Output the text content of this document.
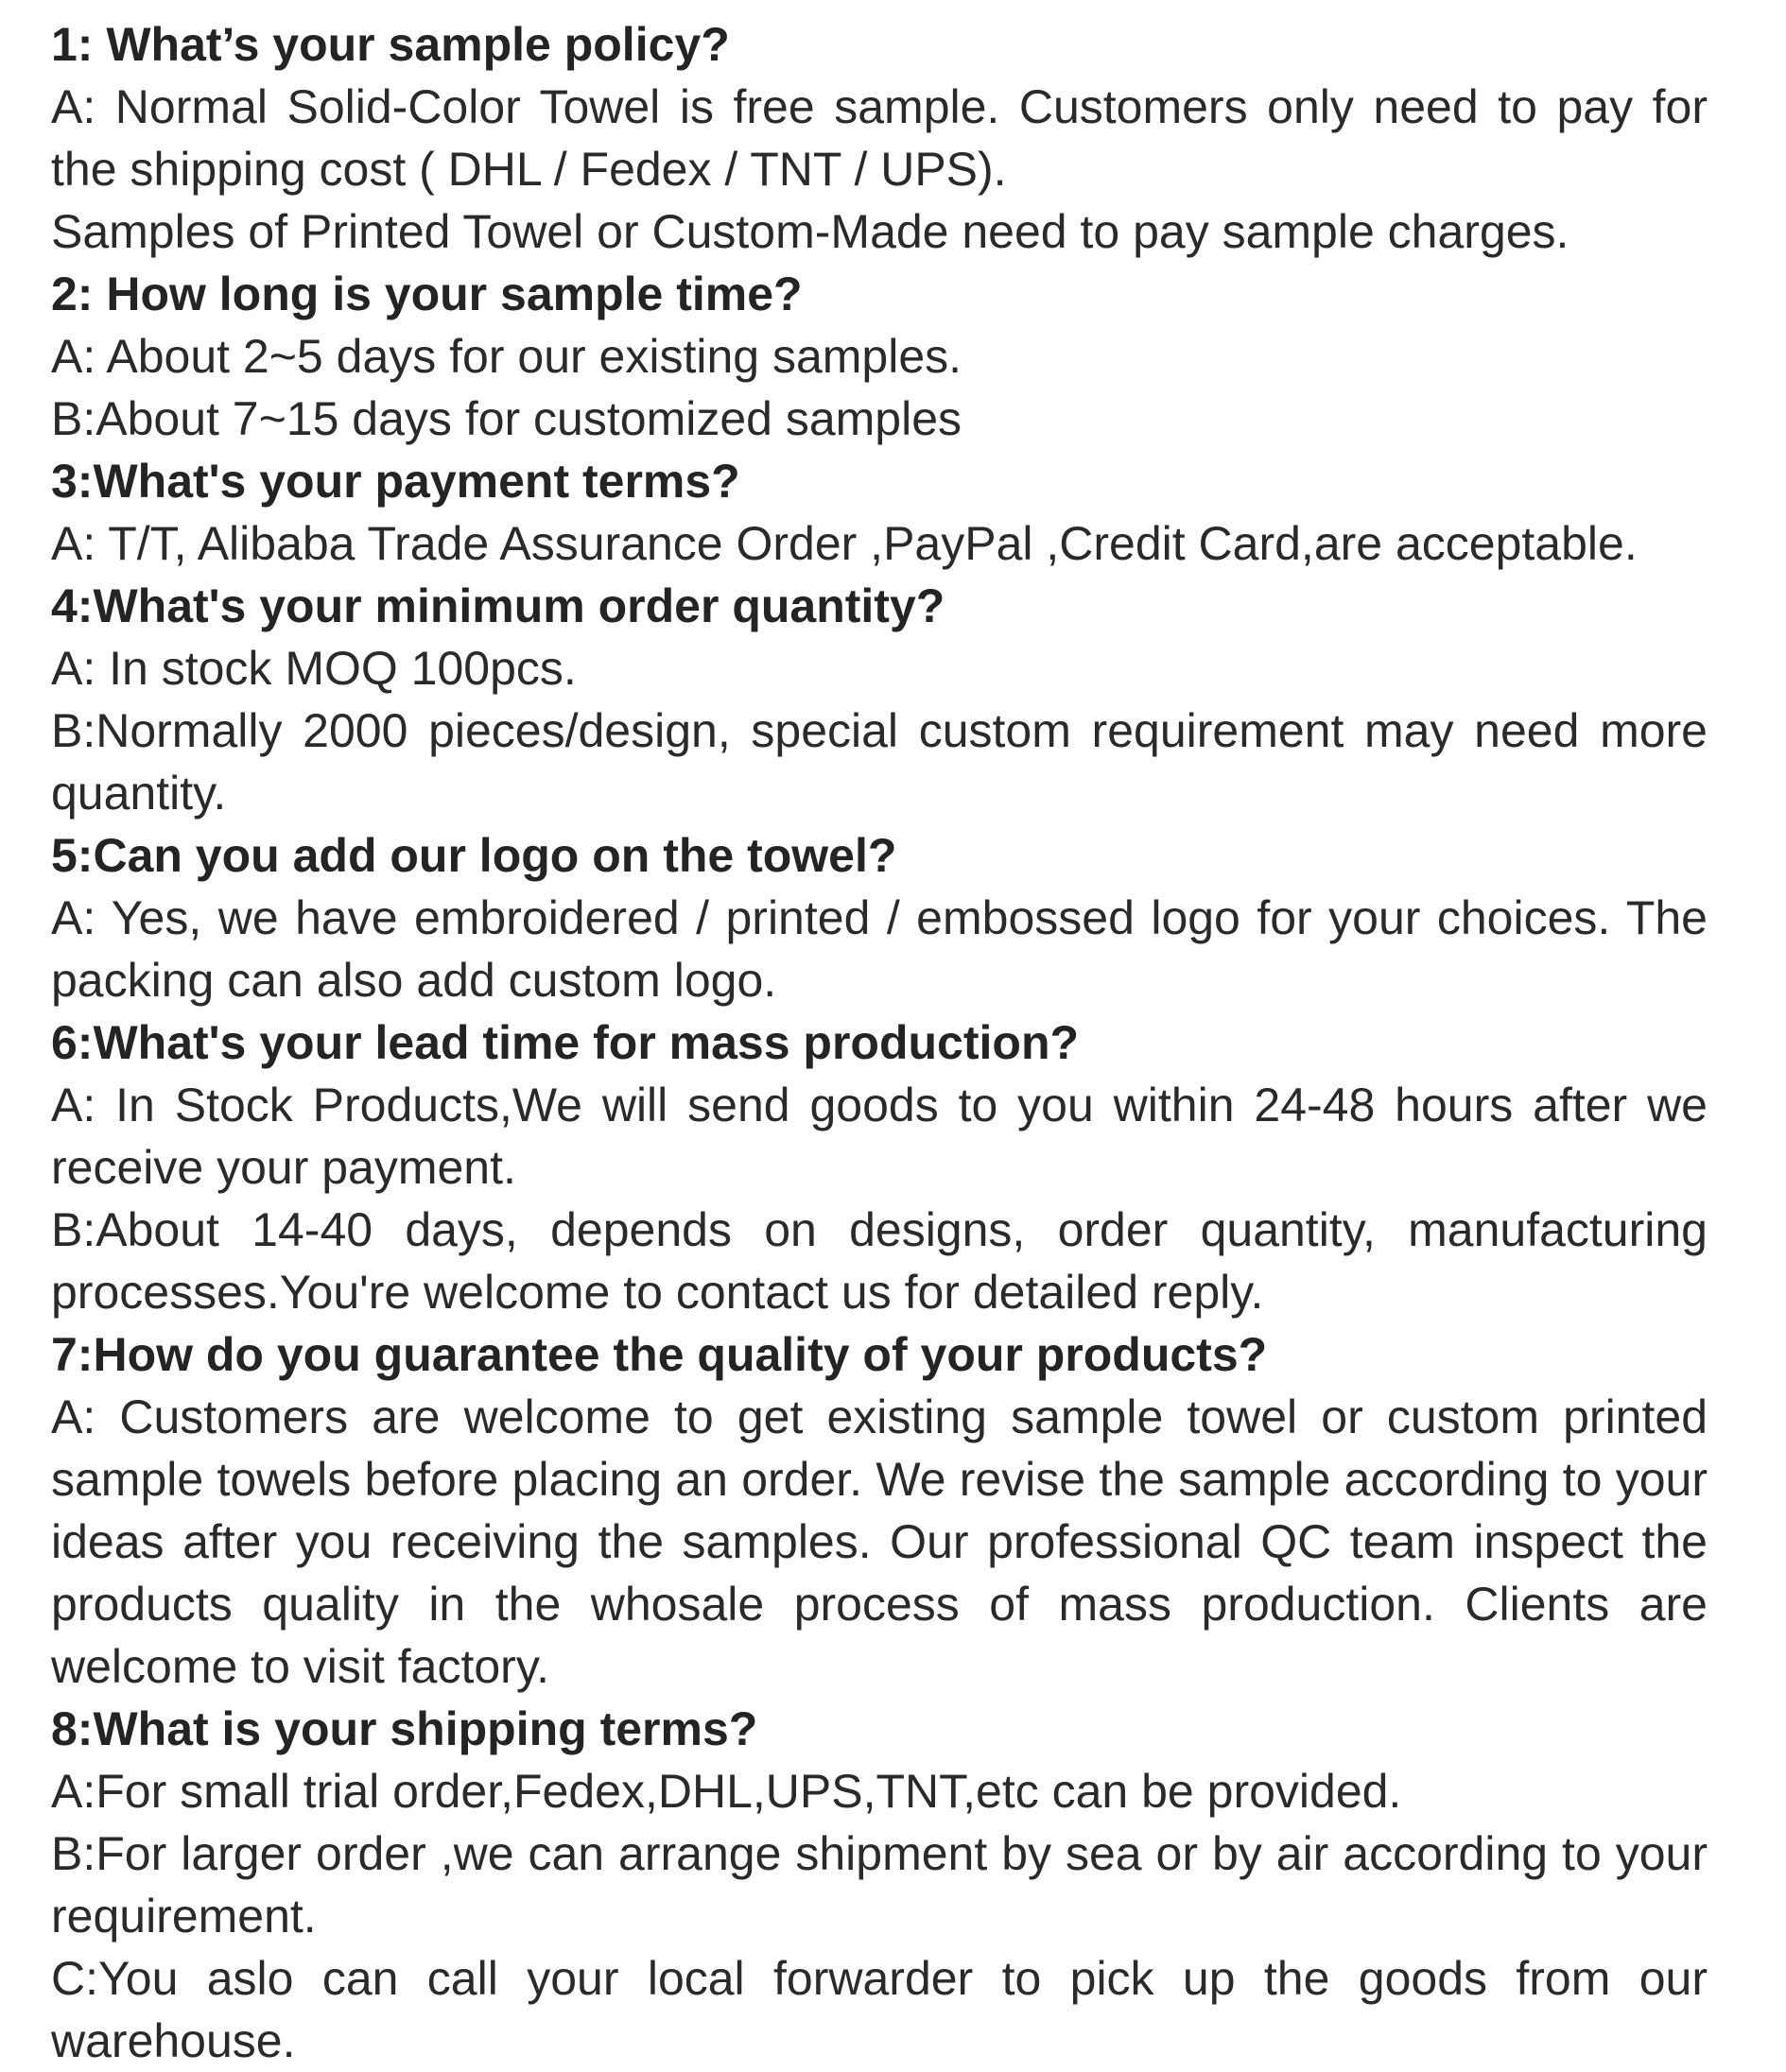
1: What’s your sample policy?

A: Normal Solid-Color Towel is free sample. Customers only need to pay for the shipping cost ( DHL / Fedex / TNT / UPS).

Samples of Printed Towel or Custom-Made need to pay sample charges.

2: How long is your sample time?

A: About 2~5 days for our existing samples.

B:About 7~15 days for customized samples

3:What's your payment terms?

A: T/T, Alibaba Trade Assurance Order ,PayPal ,Credit Card,are acceptable.

4:What's your minimum order quantity?

A: In stock MOQ 100pcs.

B:Normally 2000 pieces/design, special custom requirement may need more quantity.

5:Can you add our logo on the towel?

A: Yes, we have embroidered / printed / embossed logo for your choices. The packing can also add custom logo.

6:What's your lead time for mass production?

A: In Stock Products,We will send goods to you within 24-48 hours after we receive your payment.

B:About 14-40 days, depends on designs, order quantity, manufacturing processes.You're welcome to contact us for detailed reply.

7:How do you guarantee the quality of your products?

A: Customers are welcome to get existing sample towel or custom printed sample towels before placing an order. We revise the sample according to your ideas after you receiving the samples. Our professional QC team inspect the products quality in the whosale process of mass production. Clients are welcome to visit factory.

8:What is your shipping terms?

A:For small trial order,Fedex,DHL,UPS,TNT,etc can be provided.

B:For larger order ,we can arrange shipment by sea or by air according to your requirement.

C:You aslo can call your local forwarder to pick up the goods from our warehouse.
